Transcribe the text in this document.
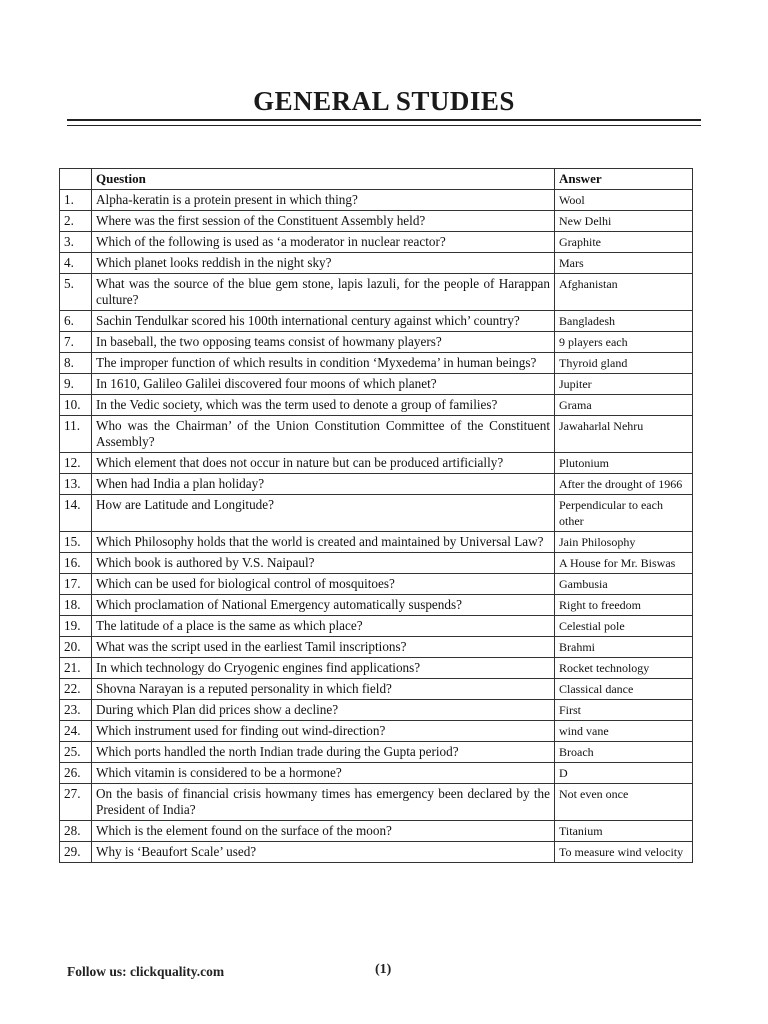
GENERAL STUDIES
	Question	Answer
1.	Alpha-keratin is a protein present in which thing?	Wool
2.	Where was the first session of the Constituent Assembly held?	New Delhi
3.	Which of the following is used as ‘a moderator in nuclear reactor?	Graphite
4.	Which planet looks reddish in the night sky?	Mars
5.	What was the source of the blue gem stone, lapis lazuli, for the people of Harappan culture?	Afghanistan
6.	Sachin Tendulkar scored his 100th international century against which’ country?	Bangladesh
7.	In baseball, the two opposing teams consist of howmany players?	9 players each
8.	The improper function of which results in condition ‘Myxedema’ in human beings?	Thyroid gland
9.	In 1610, Galileo Galilei discovered four moons of which planet?	Jupiter
10.	In the Vedic society, which was the term used to denote a group of families?	Grama
11.	Who was the Chairman’ of the Union Constitution Committee of the Constituent Assembly?	Jawaharlal Nehru
12.	Which element that does not occur in nature but can be produced artificially?	Plutonium
13.	When had India a plan holiday?	After the drought of 1966
14.	How are Latitude and Longitude?	Perpendicular to each other
15.	Which Philosophy holds that the world is created and maintained by Universal Law?	Jain Philosophy
16.	Which book is authored by V.S. Naipaul?	A House for Mr. Biswas
17.	Which can be used for biological control of mosquitoes?	Gambusia
18.	Which proclamation of National Emergency automatically suspends?	Right to freedom
19.	The latitude of a place is the same as which place?	Celestial pole
20.	What was the script used in the earliest Tamil inscriptions?	Brahmi
21.	In which technology do Cryogenic engines find applications?	Rocket technology
22.	Shovna Narayan is a reputed personality in which field?	Classical dance
23.	During which Plan did prices show a decline?	First
24.	Which instrument used for finding out wind-direction?	wind vane
25.	Which ports handled the north Indian trade during the Gupta period?	Broach
26.	Which vitamin is considered to be a hormone?	D
27.	On the basis of financial crisis howmany times has emergency been declared by the President of India?	Not even once
28.	Which is the element found on the surface of the moon?	Titanium
29.	Why is ‘Beaufort Scale’ used?	To measure wind velocity
Follow us: clickquality.com	(1)
